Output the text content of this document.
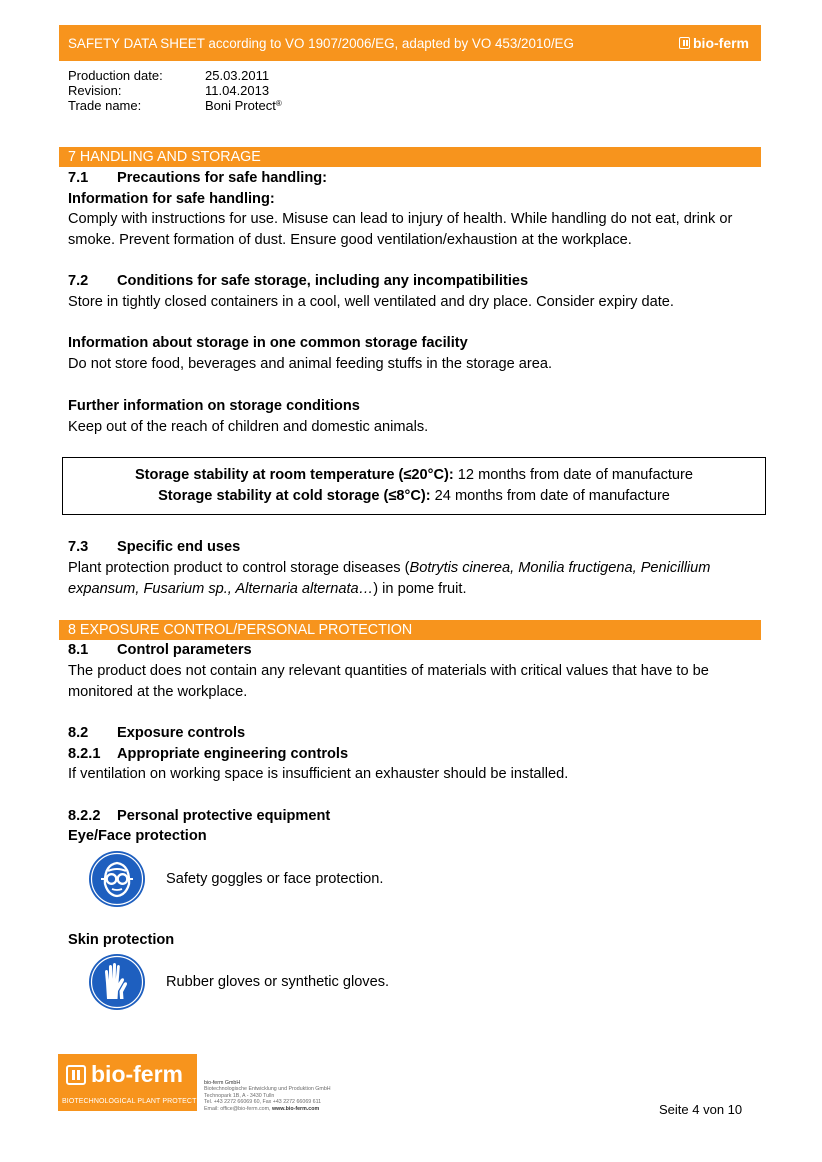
SAFETY DATA SHEET according to VO 1907/2006/EG, adapted by VO 453/2010/EG	bio-ferm
Production date:	25.03.2011
Revision:	11.04.2013
Trade name:	Boni Protect®
7 HANDLING AND STORAGE
7.1 Precautions for safe handling:
Information for safe handling:
Comply with instructions for use. Misuse can lead to injury of health. While handling do not eat, drink or smoke. Prevent formation of dust. Ensure good ventilation/exhaustion at the workplace.
7.2 Conditions for safe storage, including any incompatibilities
Store in tightly closed containers in a cool, well ventilated and dry place. Consider expiry date.
Information about storage in one common storage facility
Do not store food, beverages and animal feeding stuffs in the storage area.
Further information on storage conditions
Keep out of the reach of children and domestic animals.
Storage stability at room temperature (≤20°C): 12 months from date of manufacture
Storage stability at cold storage (≤8°C): 24 months from date of manufacture
7.3 Specific end uses
Plant protection product to control storage diseases (Botrytis cinerea, Monilia fructigena, Penicillium expansum, Fusarium sp., Alternaria alternata…) in pome fruit.
8 EXPOSURE CONTROL/PERSONAL PROTECTION
8.1 Control parameters
The product does not contain any relevant quantities of materials with critical values that have to be monitored at the workplace.
8.2 Exposure controls
8.2.1 Appropriate engineering controls
If ventilation on working space is insufficient an exhauster should be installed.
8.2.2 Personal protective equipment
Eye/Face protection
Safety goggles or face protection.
Skin protection
Rubber gloves or synthetic gloves.
bio-ferm
BIOTECHNOLOGICAL PLANT PROTECTION
bio-ferm GmbH
Biotechnologische Entwicklung und Produktion GmbH
Technopark 1B, A - 3430 Tulln
Tel. +43 2272 66069 60, Fax +43 2272 66069 611
Email: office@bio-ferm.com, www.bio-ferm.com	Seite 4 von 10
